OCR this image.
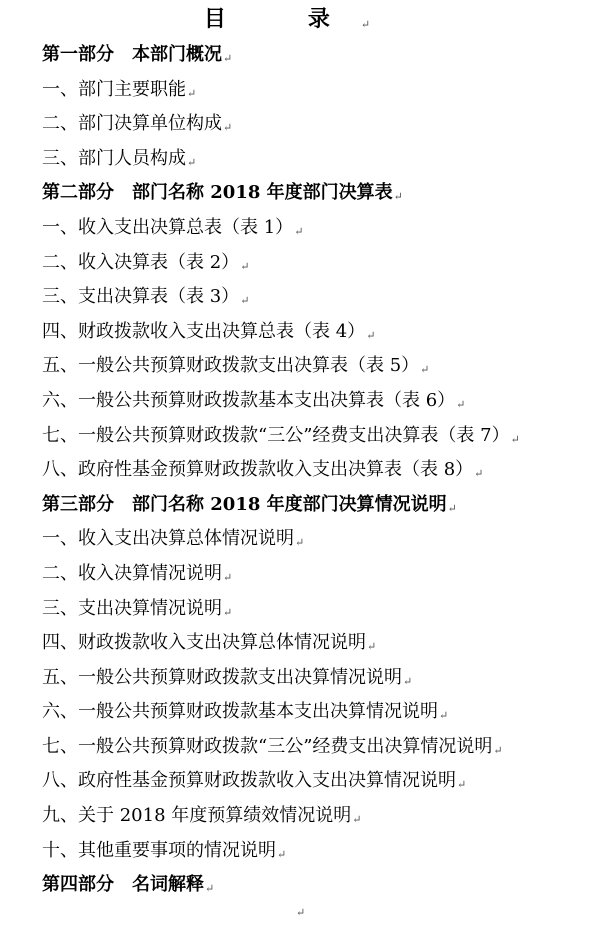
目　录↵
第一部分　本部门概况↵
一、部门主要职能↵
二、部门决算单位构成↵
三、部门人员构成↵
第二部分　部门名称 2018 年度部门决算表↵
一、收入支出决算总表（表 1）↵
二、收入决算表（表 2）↵
三、支出决算表（表 3）↵
四、财政拨款收入支出决算总表（表 4）↵
五、一般公共预算财政拨款支出决算表（表 5）↵
六、一般公共预算财政拨款基本支出决算表（表 6）↵
七、一般公共预算财政拨款“三公”经费支出决算表（表 7）↵
八、政府性基金预算财政拨款收入支出决算表（表 8）↵
第三部分　部门名称 2018 年度部门决算情况说明↵
一、收入支出决算总体情况说明↵
二、收入决算情况说明↵
三、支出决算情况说明↵
四、财政拨款收入支出决算总体情况说明↵
五、一般公共预算财政拨款支出决算情况说明↵
六、一般公共预算财政拨款基本支出决算情况说明↵
七、一般公共预算财政拨款“三公”经费支出决算情况说明↵
八、政府性基金预算财政拨款收入支出决算情况说明↵
九、关于 2018 年度预算绩效情况说明↵
十、其他重要事项的情况说明↵
第四部分　名词解释↵
↵
